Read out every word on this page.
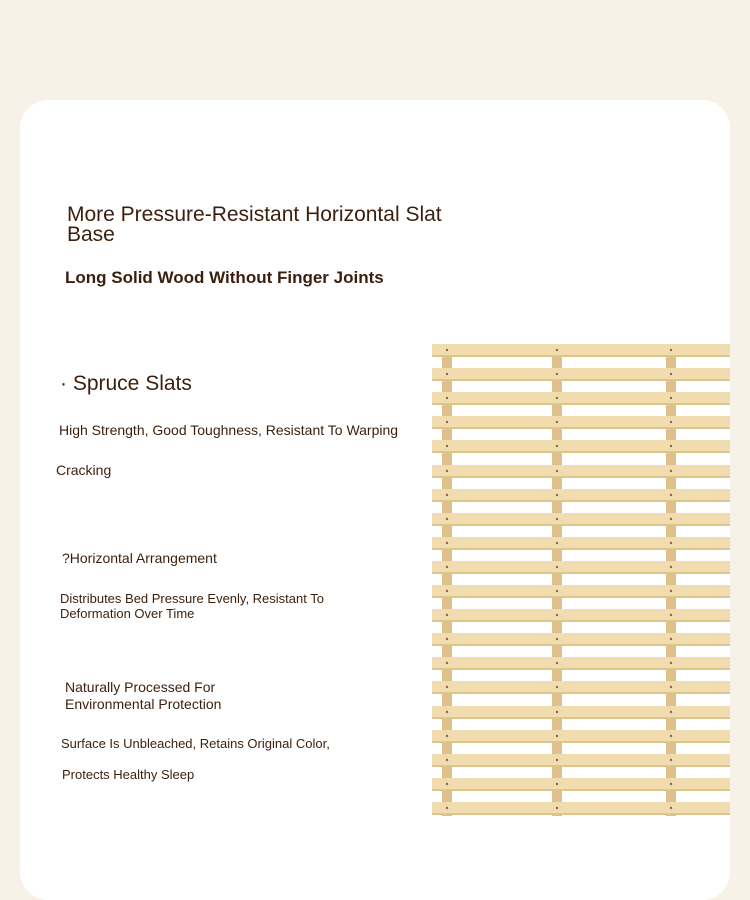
More Pressure-Resistant Horizontal Slat Base
Long Solid Wood Without Finger Joints
· Spruce Slats
High Strength, Good Toughness, Resistant To Warping
Cracking
?Horizontal Arrangement
Distributes Bed Pressure Evenly, Resistant To Deformation Over Time
Naturally Processed For Environmental Protection
Surface Is Unbleached, Retains Original Color,
Protects Healthy Sleep
